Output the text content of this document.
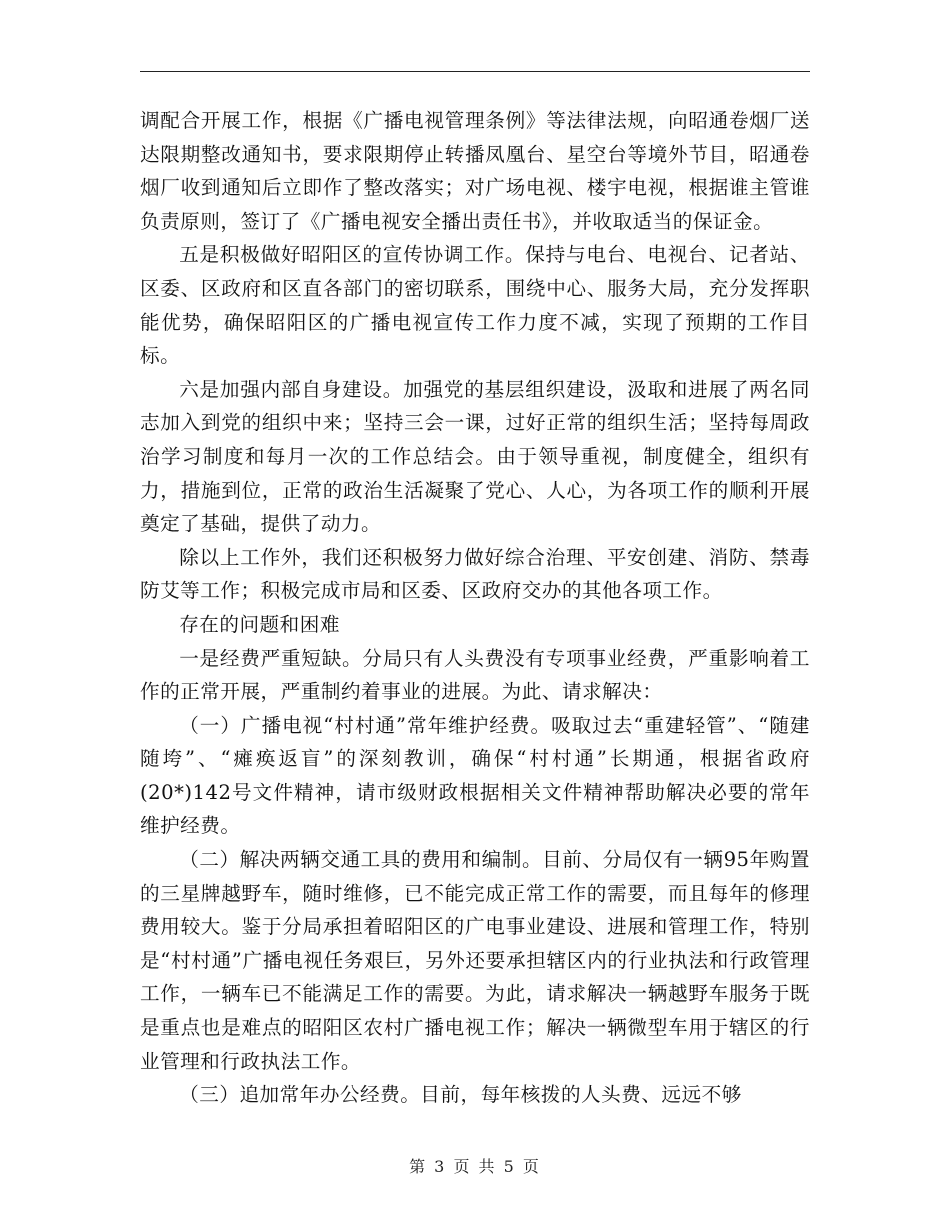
调配合开展工作，根据《广播电视管理条例》等法律法规，向昭通卷烟厂送达限期整改通知书，要求限期停止转播凤凰台、星空台等境外节目，昭通卷烟厂收到通知后立即作了整改落实；对广场电视、楼宇电视，根据谁主管谁负责原则，签订了《广播电视安全播出责任书》，并收取适当的保证金。

五是积极做好昭阳区的宣传协调工作。保持与电台、电视台、记者站、区委、区政府和区直各部门的密切联系，围绕中心、服务大局，充分发挥职能优势，确保昭阳区的广播电视宣传工作力度不减，实现了预期的工作目标。

六是加强内部自身建设。加强党的基层组织建设，汲取和进展了两名同志加入到党的组织中来；坚持三会一课，过好正常的组织生活；坚持每周政治学习制度和每月一次的工作总结会。由于领导重视，制度健全，组织有力，措施到位，正常的政治生活凝聚了党心、人心，为各项工作的顺利开展奠定了基础，提供了动力。

除以上工作外，我们还积极努力做好综合治理、平安创建、消防、禁毒防艾等工作；积极完成市局和区委、区政府交办的其他各项工作。

存在的问题和困难

一是经费严重短缺。分局只有人头费没有专项事业经费，严重影响着工作的正常开展，严重制约着事业的进展。为此、请求解决：

（一）广播电视“村村通”常年维护经费。吸取过去“重建轻管”、“随建随垮”、“瘫痪返盲”的深刻教训，确保“村村通”长期通，根据省政府(20*)142号文件精神，请市级财政根据相关文件精神帮助解决必要的常年维护经费。

（二）解决两辆交通工具的费用和编制。目前、分局仅有一辆95年购置的三星牌越野车，随时维修，已不能完成正常工作的需要，而且每年的修理费用较大。鉴于分局承担着昭阳区的广电事业建设、进展和管理工作，特别是“村村通”广播电视任务艰巨，另外还要承担辖区内的行业执法和行政管理工作，一辆车已不能满足工作的需要。为此，请求解决一辆越野车服务于既是重点也是难点的昭阳区农村广播电视工作；解决一辆微型车用于辖区的行业管理和行政执法工作。

（三）追加常年办公经费。目前，每年核拨的人头费、远远不够

第 3 页 共 5 页
